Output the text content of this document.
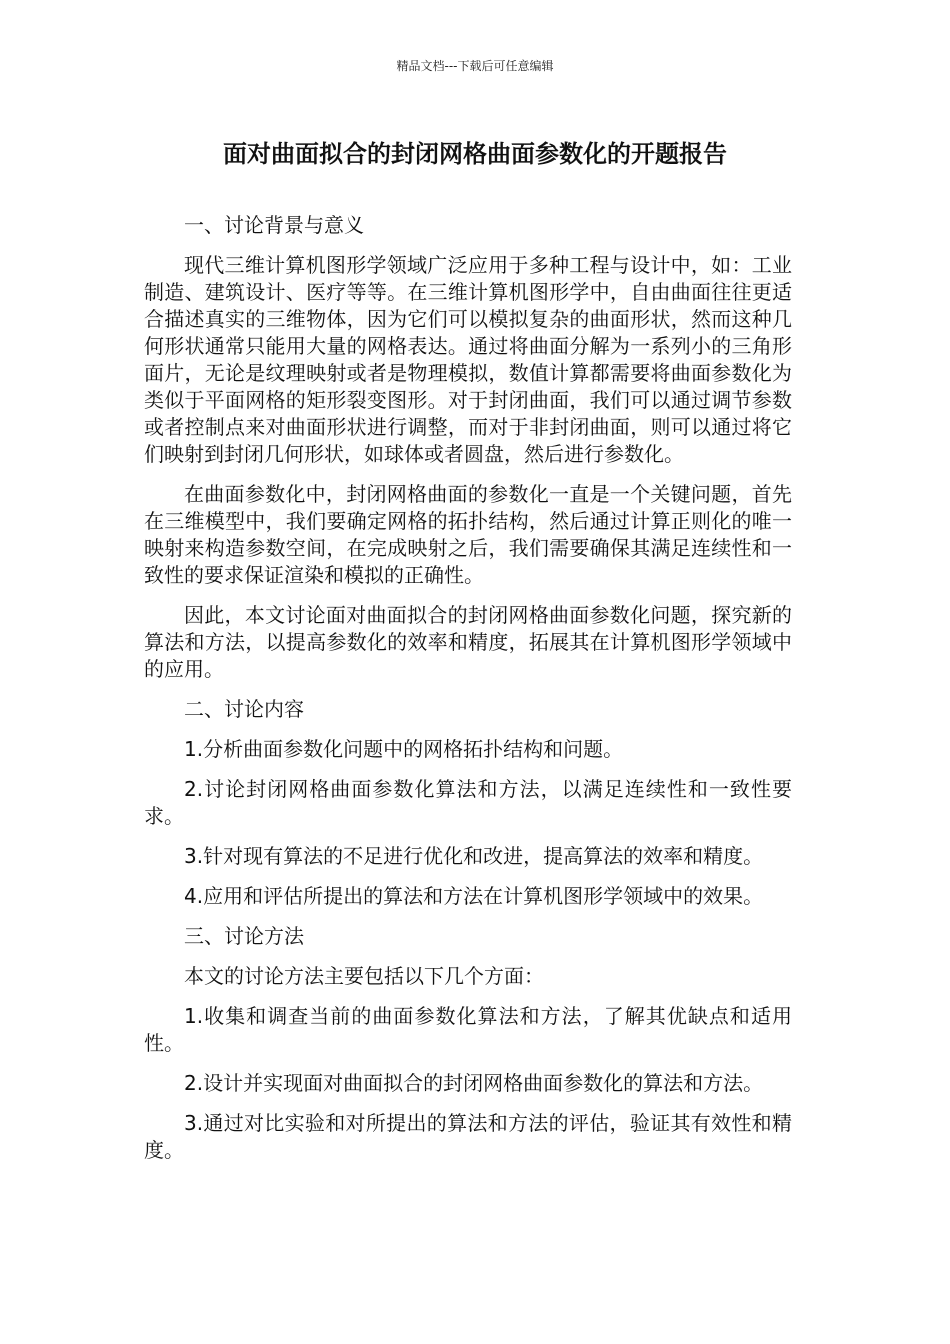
精品文档---下载后可任意编辑
面对曲面拟合的封闭网格曲面参数化的开题报告

一、讨论背景与意义

现代三维计算机图形学领域广泛应用于多种工程与设计中，如：工业制造、建筑设计、医疗等等。在三维计算机图形学中，自由曲面往往更适合描述真实的三维物体，因为它们可以模拟复杂的曲面形状，然而这种几何形状通常只能用大量的网格表达。通过将曲面分解为一系列小的三角形面片，无论是纹理映射或者是物理模拟，数值计算都需要将曲面参数化为类似于平面网格的矩形裂变图形。对于封闭曲面，我们可以通过调节参数或者控制点来对曲面形状进行调整，而对于非封闭曲面，则可以通过将它们映射到封闭几何形状，如球体或者圆盘，然后进行参数化。

在曲面参数化中，封闭网格曲面的参数化一直是一个关键问题，首先在三维模型中，我们要确定网格的拓扑结构，然后通过计算正则化的唯一映射来构造参数空间，在完成映射之后，我们需要确保其满足连续性和一致性的要求保证渲染和模拟的正确性。

因此，本文讨论面对曲面拟合的封闭网格曲面参数化问题，探究新的算法和方法，以提高参数化的效率和精度，拓展其在计算机图形学领域中的应用。

二、讨论内容

1.分析曲面参数化问题中的网格拓扑结构和问题。

2.讨论封闭网格曲面参数化算法和方法，以满足连续性和一致性要求。

3.针对现有算法的不足进行优化和改进，提高算法的效率和精度。

4.应用和评估所提出的算法和方法在计算机图形学领域中的效果。

三、讨论方法

本文的讨论方法主要包括以下几个方面：

1.收集和调查当前的曲面参数化算法和方法，了解其优缺点和适用性。

2.设计并实现面对曲面拟合的封闭网格曲面参数化的算法和方法。

3.通过对比实验和对所提出的算法和方法的评估，验证其有效性和精度。
